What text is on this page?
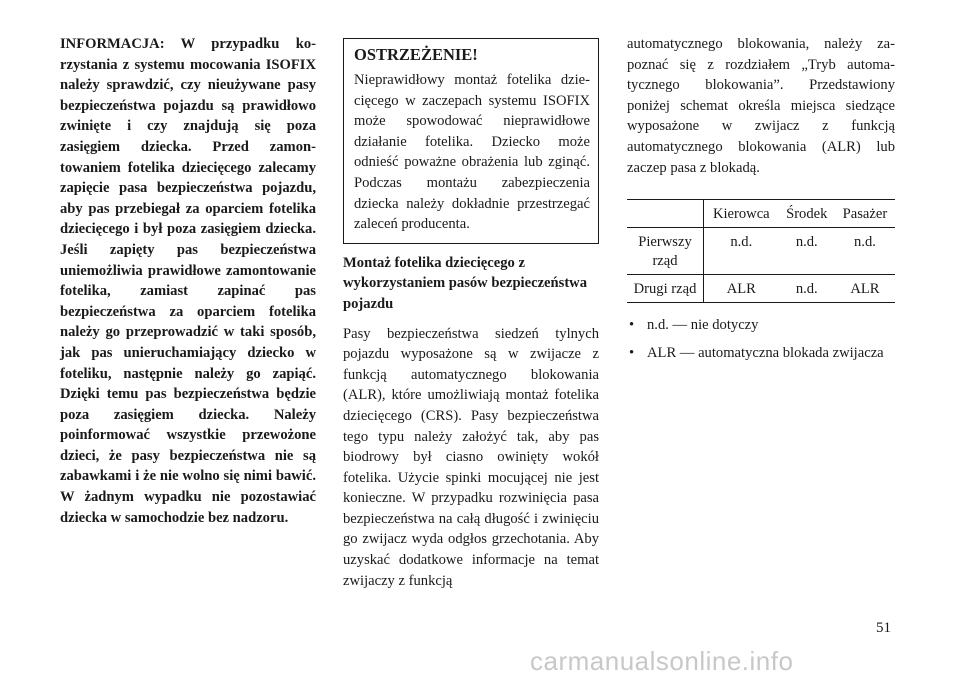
INFORMACJA: W przypadku korzystania z systemu mocowania ISOFIX należy sprawdzić, czy nieużywane pasy bezpieczeństwa pojazdu są prawidłowo zwinięte i czy znajdują się poza zasięgiem dziecka. Przed zamontowaniem fotelika dziecięcego zalecamy zapięcie pasa bezpieczeństwa pojazdu, aby pas przebiegał za oparciem fotelika dziecięcego i był poza zasięgiem dziecka. Jeśli zapięty pas bezpieczeństwa uniemożliwia prawidłowe zamontowanie fotelika, zamiast zapinać pas bezpieczeństwa za oparciem fotelika należy go przeprowadzić w taki sposób, jak pas unieruchamiający dziecko w foteliku, następnie należy go zapiąć. Dzięki temu pas bezpieczeństwa będzie poza zasięgiem dziecka. Należy poinformować wszystkie przewożone dzieci, że pasy bezpieczeństwa nie są zabawkami i że nie wolno się nimi bawić. W żadnym wypadku nie pozostawiać dziecka w samochodzie bez nadzoru.

OSTRZEŻENIE!

Nieprawidłowy montaż fotelika dziecięcego w zaczepach systemu ISOFIX może spowodować nieprawidłowe działanie fotelika. Dziecko może odnieść poważne obrażenia lub zginąć. Podczas montażu zabezpieczenia dziecka należy dokładnie przestrzegać zaleceń producenta.

Montaż fotelika dziecięcego z wykorzystaniem pasów bezpieczeństwa pojazdu

Pasy bezpieczeństwa siedzeń tylnych pojazdu wyposażone są w zwijacze z funkcją automatycznego blokowania (ALR), które umożliwiają montaż fotelika dziecięcego (CRS). Pasy bezpieczeństwa tego typu należy założyć tak, aby pas biodrowy był ciasno owinięty wokół fotelika. Użycie spinki mocującej nie jest konieczne. W przypadku rozwinięcia pasa bezpieczeństwa na całą długość i zwinięciu go zwijacz wyda odgłos grzechotania. Aby uzyskać dodatkowe informacje na temat zwijaczy z funkcją

automatycznego blokowania, należy zapoznać się z rozdziałem „Tryb automatycznego blokowania”. Przedstawiony poniżej schemat określa miejsca siedzące wyposażone w zwijacz z funkcją automatycznego blokowania (ALR) lub zaczep pasa z blokadą.

	Kierowca	Środek	Pasażer
Pierwszy rząd	n.d.	n.d.	n.d.
Drugi rząd	ALR	n.d.	ALR
• n.d. — nie dotyczy
• ALR — automatyczna blokada zwijacza
51
carmanualsonline.info
